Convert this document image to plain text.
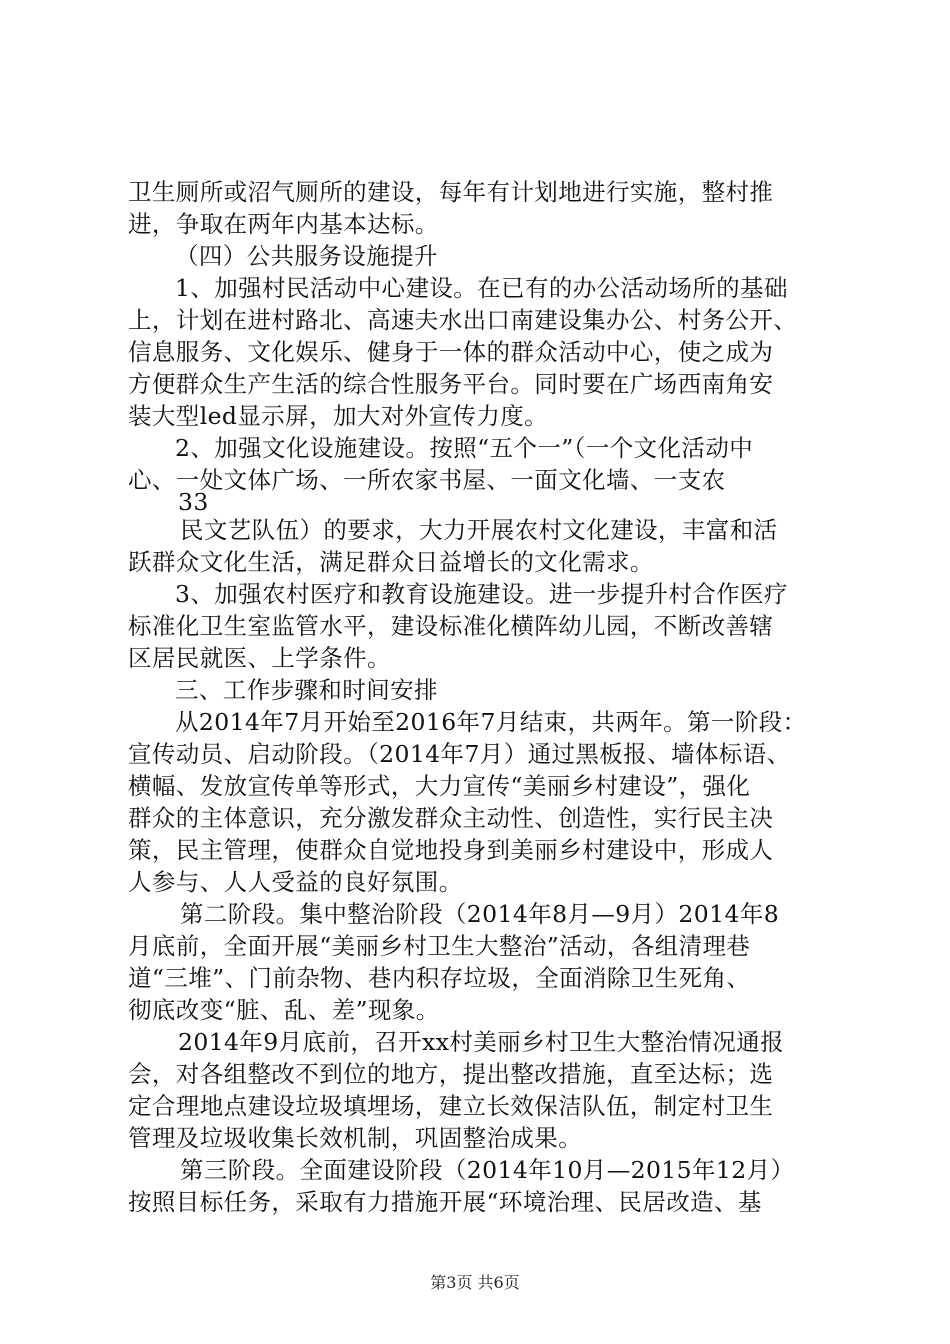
卫生厕所或沼气厕所的建设，每年有计划地进行实施，整村推
进，争取在两年内基本达标。
（四）公共服务设施提升
1、加强村民活动中心建设。在已有的办公活动场所的基础
上，计划在进村路北、高速夫水出口南建设集办公、村务公开、
信息服务、文化娱乐、健身于一体的群众活动中心，使之成为
方便群众生产生活的综合性服务平台。同时要在广场西南角安
装大型led显示屏，加大对外宣传力度。
2、加强文化设施建设。按照“五个一”（一个文化活动中
心、一处文体广场、一所农家书屋、一面文化墙、一支农
33
民文艺队伍）的要求，大力开展农村文化建设，丰富和活
跃群众文化生活，满足群众日益增长的文化需求。
3、加强农村医疗和教育设施建设。进一步提升村合作医疗
标准化卫生室监管水平，建设标准化横阵幼儿园，不断改善辖
区居民就医、上学条件。
三、工作步骤和时间安排
从2014年7月开始至2016年7月结束，共两年。第一阶段：
宣传动员、启动阶段。（2014年7月）通过黑板报、墙体标语、
横幅、发放宣传单等形式，大力宣传“美丽乡村建设”，强化
群众的主体意识，充分激发群众主动性、创造性，实行民主决
策，民主管理，使群众自觉地投身到美丽乡村建设中，形成人
人参与、人人受益的良好氛围。
第二阶段。集中整治阶段（2014年8月—9月）2014年8
月底前，全面开展“美丽乡村卫生大整治”活动，各组清理巷
道“三堆”、门前杂物、巷内积存垃圾，全面消除卫生死角、
彻底改变“脏、乱、差”现象。
2014年9月底前，召开xx村美丽乡村卫生大整治情况通报
会，对各组整改不到位的地方，提出整改措施，直至达标；选
定合理地点建设垃圾填埋场，建立长效保洁队伍，制定村卫生
管理及垃圾收集长效机制，巩固整治成果。
第三阶段。全面建设阶段（2014年10月—2015年12月）
按照目标任务，采取有力措施开展“环境治理、民居改造、基
第3页 共6页
